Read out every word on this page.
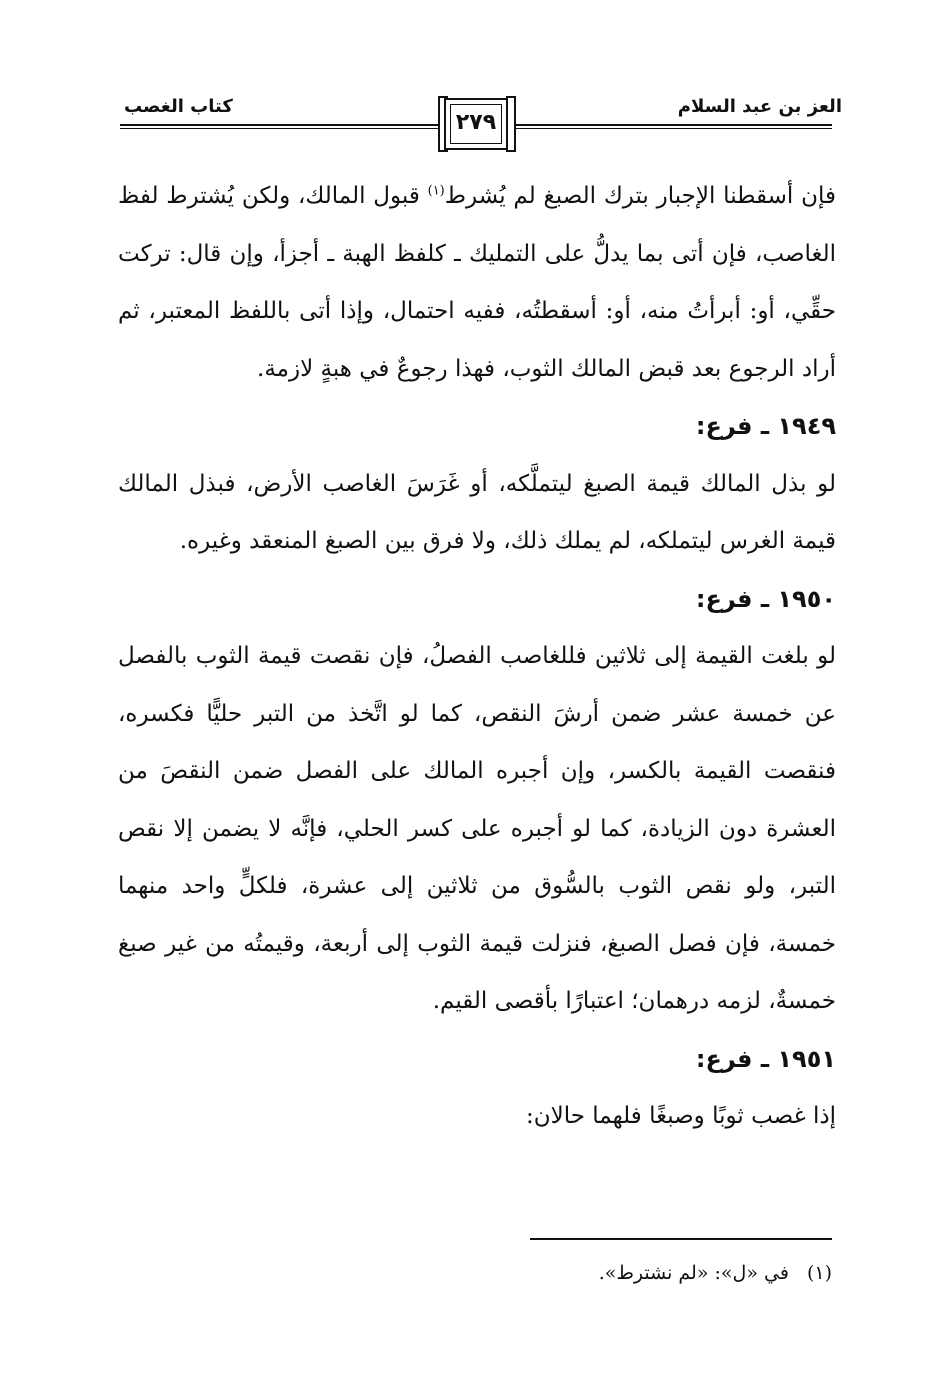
العز بن عبد السلام
٢٧٩
كتاب الغصب

فإن أسقطنا الإجبار بترك الصبغ لم يُشرط$^{(١)}$ قبول المالك، ولكن يُشترط لفظ الغاصب، فإن أتى بما يدلُّ على التمليك ـ كلفظ الهبة ـ أجزأ، وإن قال: تركت حقِّي، أو: أبرأتُ منه، أو: أسقطتُه، ففيه احتمال، وإذا أتى باللفظ المعتبر، ثم أراد الرجوع بعد قبض المالك الثوب، فهذا رجوعٌ في هبةٍ لازمة.

١٩٤٩ ـ فرع:

لو بذل المالك قيمة الصبغ ليتملَّكه، أو غَرَسَ الغاصب الأرض، فبذل المالك قيمة الغرس ليتملكه، لم يملك ذلك، ولا فرق بين الصبغ المنعقد وغيره.

١٩٥٠ ـ فرع:

لو بلغت القيمة إلى ثلاثين فللغاصب الفصلُ، فإن نقصت قيمة الثوب بالفصل عن خمسة عشر ضمن أرشَ النقص، كما لو اتَّخذ من التبر حليًّا فكسره، فنقصت القيمة بالكسر، وإن أجبره المالك على الفصل ضمن النقصَ من العشرة دون الزيادة، كما لو أجبره على كسر الحلي، فإنَّه لا يضمن إلا نقص التبر، ولو نقص الثوب بالسُّوق من ثلاثين إلى عشرة، فلكلٍّ واحد منهما خمسة، فإن فصل الصبغ، فنزلت قيمة الثوب إلى أربعة، وقيمتُه من غير صبغ خمسةٌ، لزمه درهمان؛ اعتبارًا بأقصى القيم.

١٩٥١ ـ فرع:

إذا غصب ثوبًا وصبغًا فلهما حالان:

(١)في «ل»: «لم نشترط».
